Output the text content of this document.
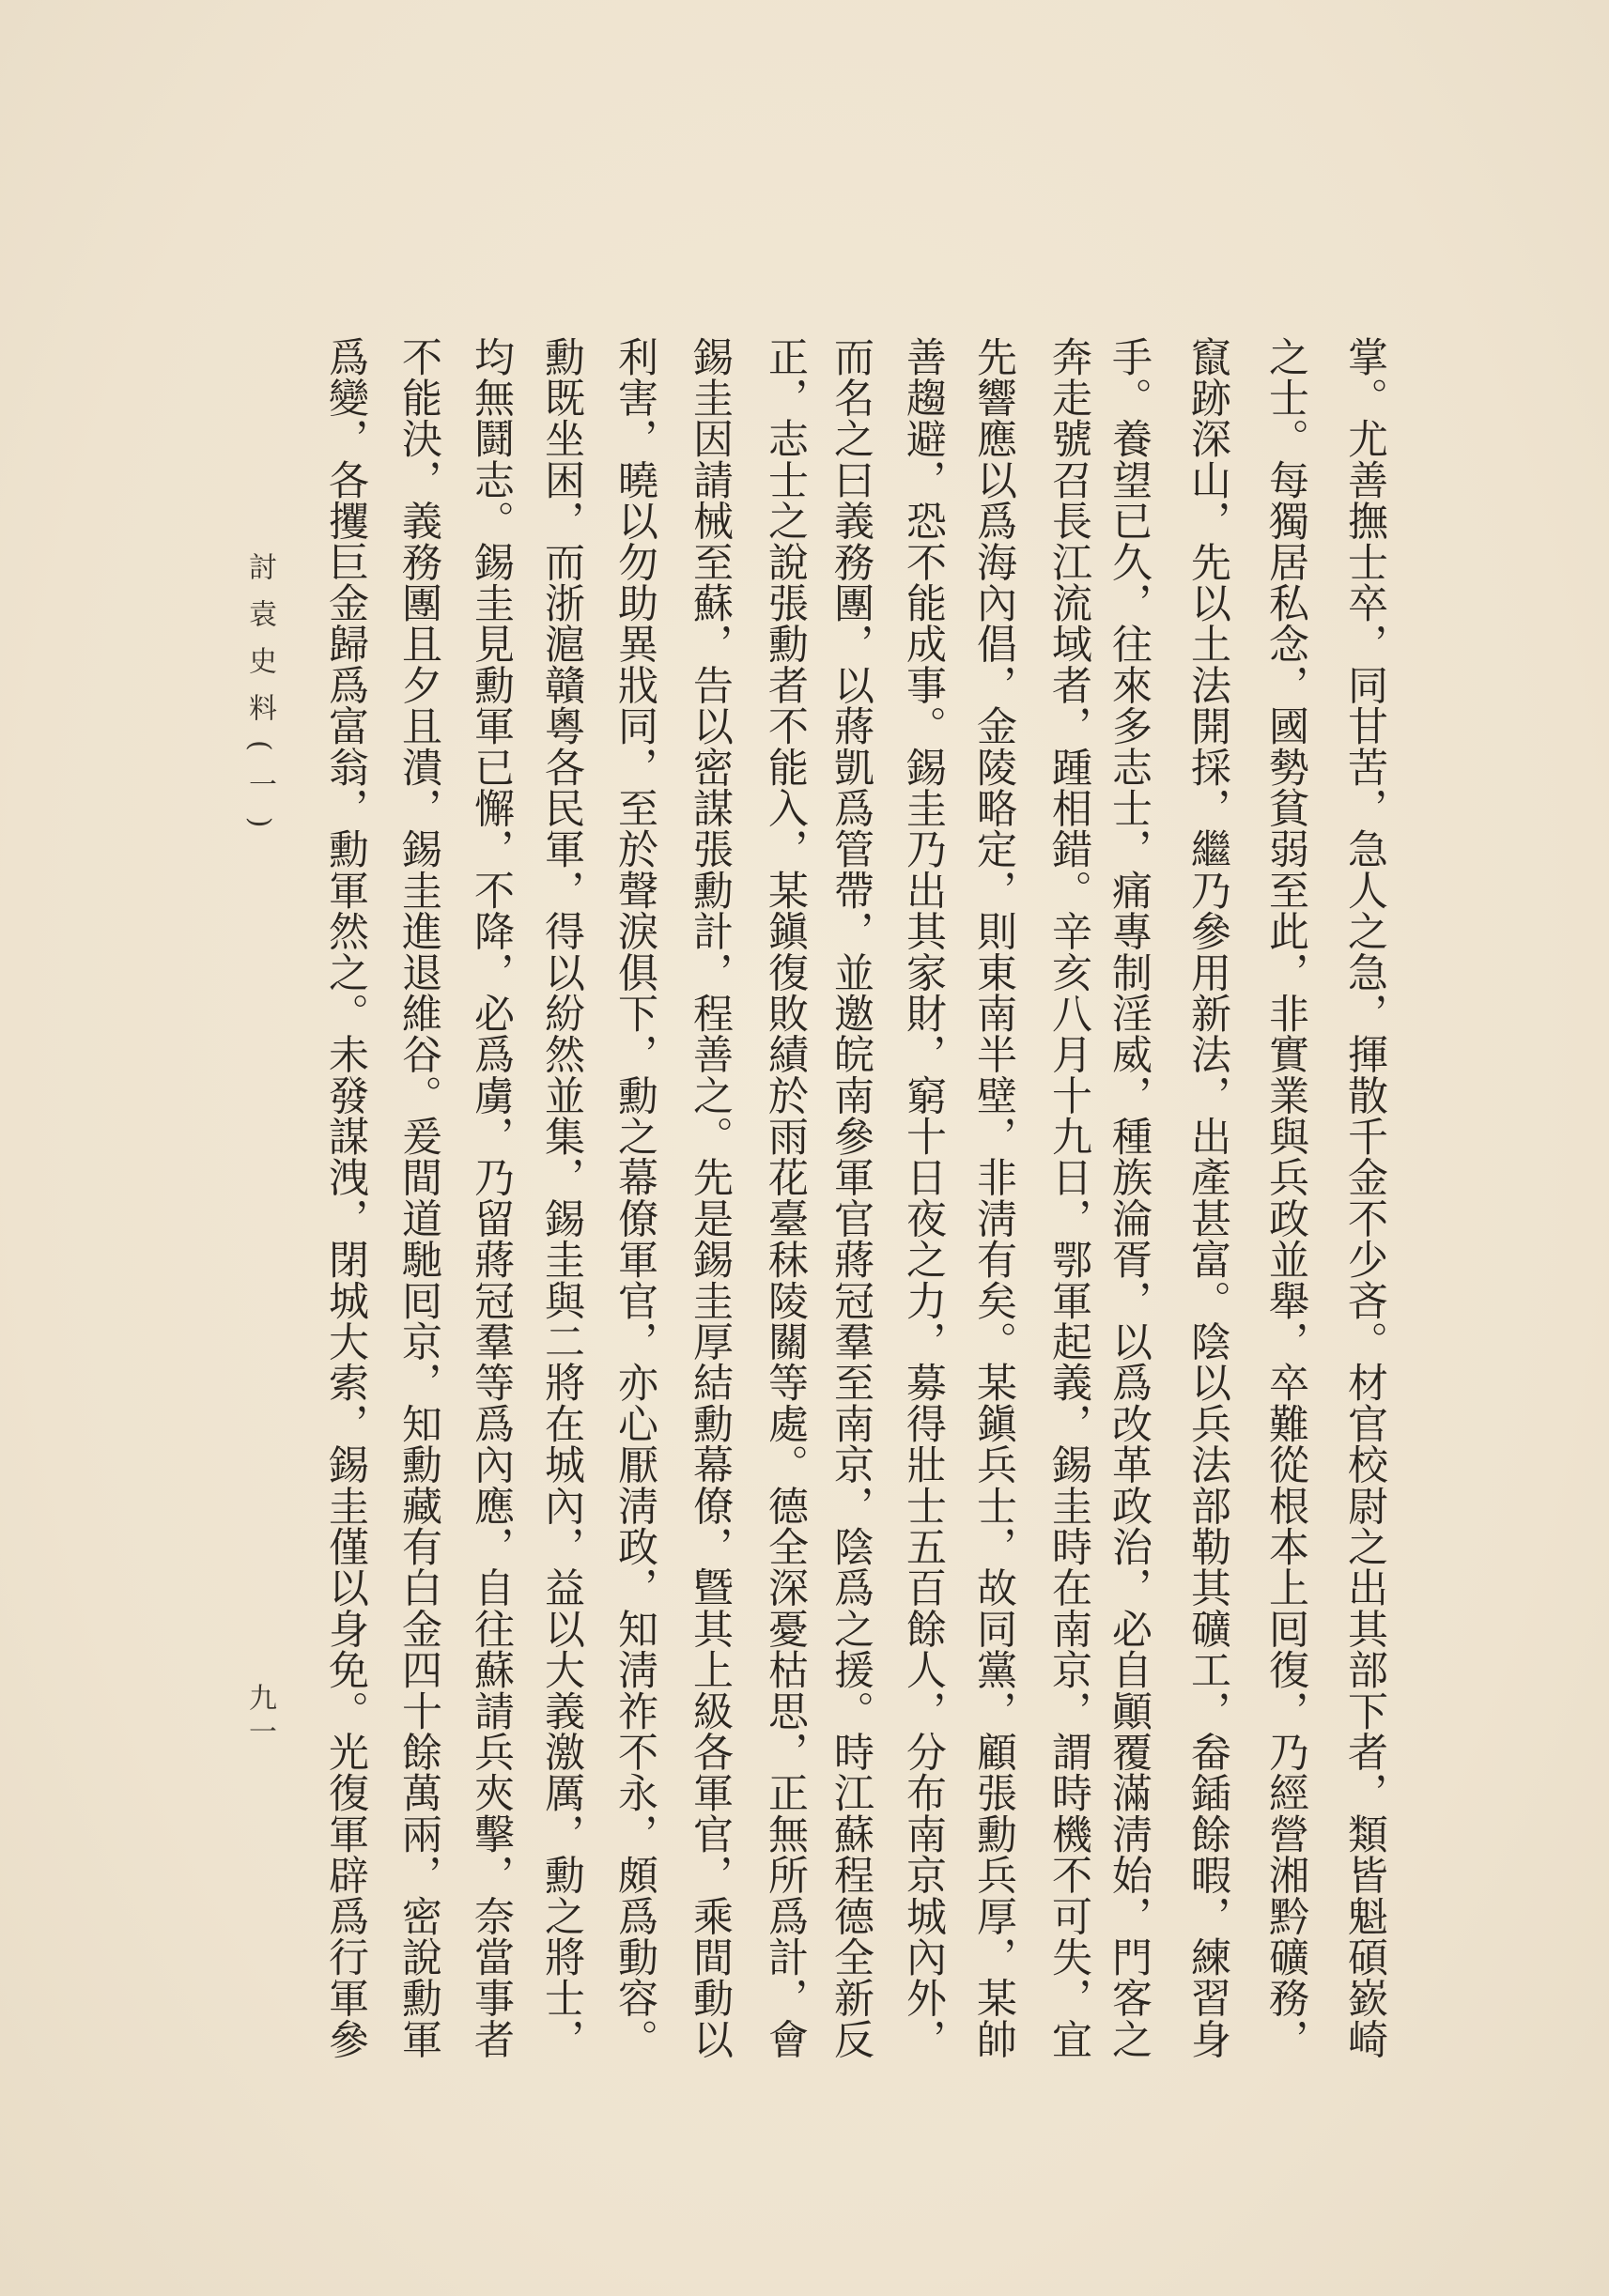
掌。尤善撫士卒，同甘苦，急人之急，揮散千金不少吝。材官校尉之出其部下者，類皆魁碩嶔崎
之士。每獨居私念，國勢貧弱至此，非實業與兵政並舉，卒難從根本上囘復，乃經營湘黔礦務，
竄跡深山，先以土法開採，繼乃參用新法，出產甚富。陰以兵法部勒其礦工，畚鍤餘暇，練習身
手。養望已久，往來多志士，痛專制淫威，種族淪胥，以爲改革政治，必自顚覆滿淸始，門客之
奔走號召長江流域者，踵相錯。辛亥八月十九日，鄂軍起義，錫圭時在南京，謂時機不可失，宜
先響應以爲海內倡，金陵略定，則東南半壁，非淸有矣。某鎭兵士，故同黨，顧張勳兵厚，某帥
善趨避，恐不能成事。錫圭乃出其家財，窮十日夜之力，募得壯士五百餘人，分布南京城內外，
而名之曰義務團，以蔣凱爲管帶，並邀皖南參軍官蔣冠羣至南京，陰爲之援。時江蘇程德全新反
正，志士之說張勳者不能入，某鎭復敗績於雨花臺秣陵關等處。德全深憂枯思，正無所爲計，會
錫圭因請械至蘇，告以密謀張勳計，程善之。先是錫圭厚結勳幕僚，曁其上級各軍官，乘間動以
利害，曉以勿助異戕同，至於聲淚俱下，勳之幕僚軍官，亦心厭淸政，知淸祚不永，頗爲動容。
勳既坐困，而浙滬贛粵各民軍，得以紛然並集，錫圭與二將在城內，益以大義激厲，勳之將士，
均無鬪志。錫圭見勳軍已懈，不降，必爲虜，乃留蔣冠羣等爲內應，自往蘇請兵夾擊，奈當事者
不能決，義務團且夕且潰，錫圭進退維谷。爰間道馳囘京，知勳藏有白金四十餘萬兩，密說勳軍
爲變，各攫巨金歸爲富翁，勳軍然之。未發謀洩，閉城大索，錫圭僅以身免。光復軍辟爲行軍參
討袁史料(一)
九一
